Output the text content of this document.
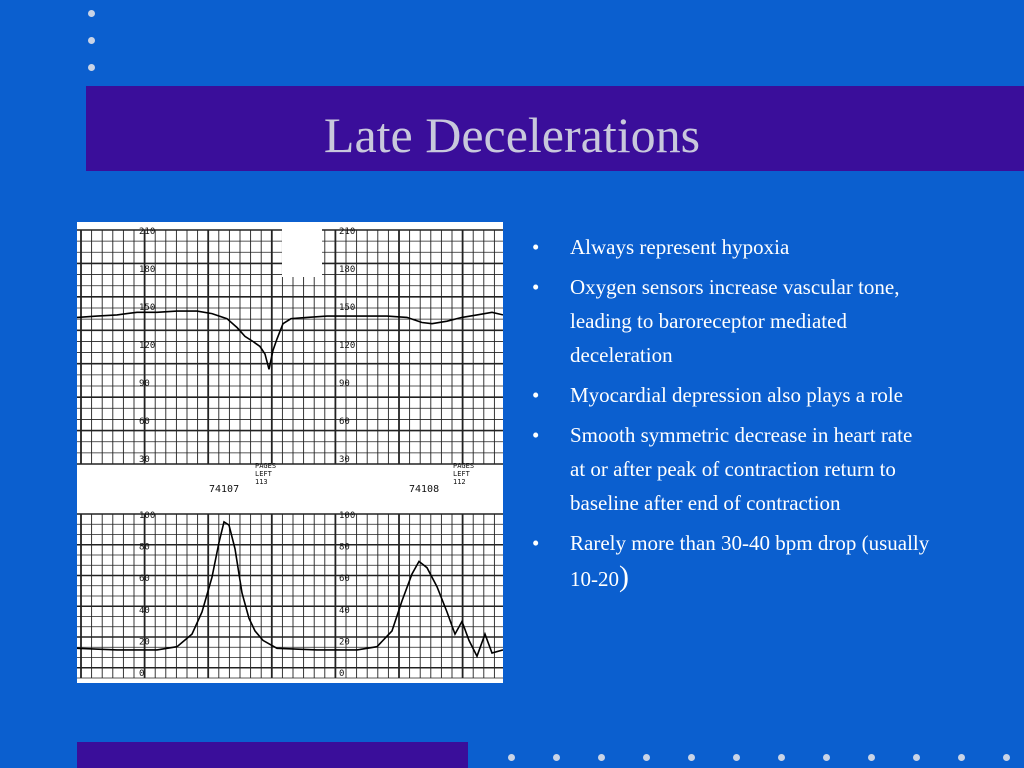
Late Decelerations
210
180
150
120
90
60
30
210
180
150
120
90
60
30
100
80
60
40
20
0
100
80
60
40
20
0
74107	74108
PAGES
LEFT
113
PAGES
LEFT
112
• Always represent hypoxia
• Oxygen sensors increase vascular tone, leading to baroreceptor mediated deceleration
• Myocardial depression also plays a role
• Smooth symmetric decrease in heart rate at or after peak of contraction return to baseline after end of contraction
• Rarely more than 30-40 bpm drop (usually 10-20)
